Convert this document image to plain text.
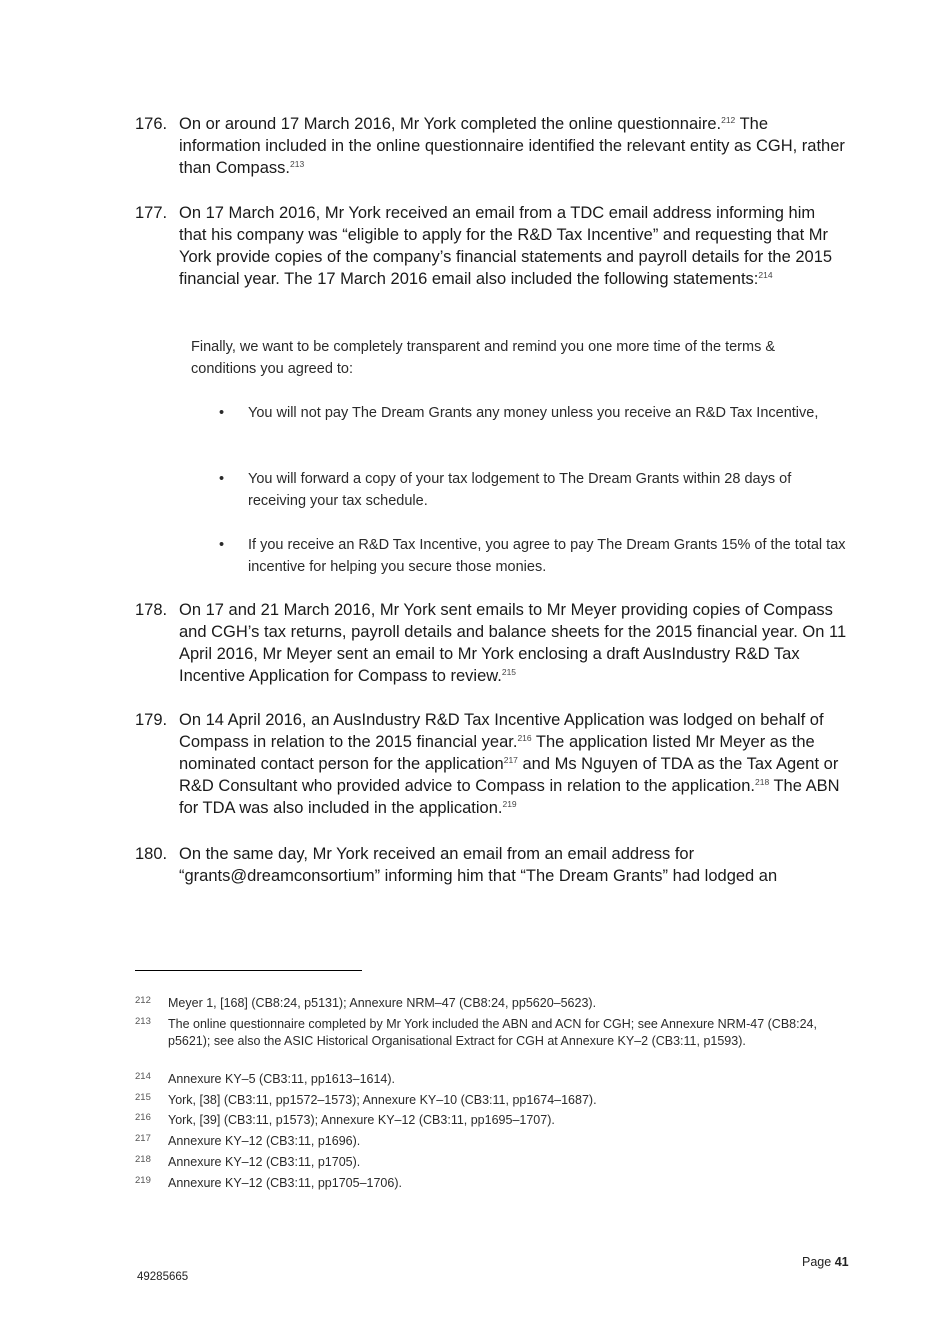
176. On or around 17 March 2016, Mr York completed the online questionnaire.$^{212}$ The information included in the online questionnaire identified the relevant entity as CGH, rather than Compass.$^{213}$
177. On 17 March 2016, Mr York received an email from a TDC email address informing him that his company was “eligible to apply for the R&D Tax Incentive” and requesting that Mr York provide copies of the company’s financial statements and payroll details for the 2015 financial year. The 17 March 2016 email also included the following statements:$^{214}$
Finally, we want to be completely transparent and remind you one more time of the terms & conditions you agreed to:
•	You will not pay The Dream Grants any money unless you receive an R&D Tax Incentive,
•	You will forward a copy of your tax lodgement to The Dream Grants within 28 days of receiving your tax schedule.
•	If you receive an R&D Tax Incentive, you agree to pay The Dream Grants 15% of the total tax incentive for helping you secure those monies.
178. On 17 and 21 March 2016, Mr York sent emails to Mr Meyer providing copies of Compass and CGH’s tax returns, payroll details and balance sheets for the 2015 financial year. On 11 April 2016, Mr Meyer sent an email to Mr York enclosing a draft AusIndustry R&D Tax Incentive Application for Compass to review.$^{215}$
179. On 14 April 2016, an AusIndustry R&D Tax Incentive Application was lodged on behalf of Compass in relation to the 2015 financial year.$^{216}$ The application listed Mr Meyer as the nominated contact person for the application$^{217}$ and Ms Nguyen of TDA as the Tax Agent or R&D Consultant who provided advice to Compass in relation to the application.$^{218}$ The ABN for TDA was also included in the application.$^{219}$
180. On the same day, Mr York received an email from an email address for “grants@dreamconsortium” informing him that “The Dream Grants” had lodged an
212 Meyer 1, [168] (CB8:24, p5131); Annexure NRM–47 (CB8:24, pp5620–5623).
213 The online questionnaire completed by Mr York included the ABN and ACN for CGH; see Annexure NRM-47 (CB8:24, p5621); see also the ASIC Historical Organisational Extract for CGH at Annexure KY–2 (CB3:11, p1593).
214 Annexure KY–5 (CB3:11, pp1613–1614).
215 York, [38] (CB3:11, pp1572–1573); Annexure KY–10 (CB3:11, pp1674–1687).
216 York, [39] (CB3:11, p1573); Annexure KY–12 (CB3:11, pp1695–1707).
217 Annexure KY–12 (CB3:11, p1696).
218 Annexure KY–12 (CB3:11, p1705).
219 Annexure KY–12 (CB3:11, pp1705–1706).
Page 41
49285665
